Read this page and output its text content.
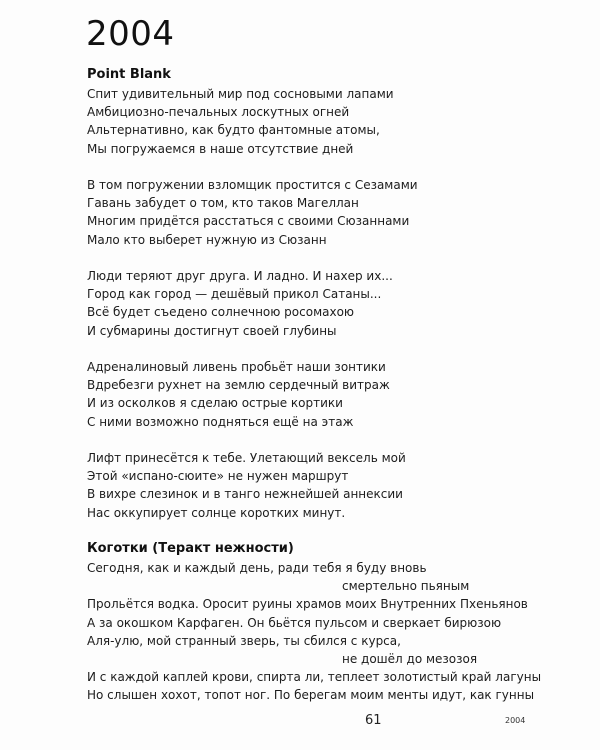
2004
Point Blank
Спит удивительный мир под сосновыми лапами
Амбициозно-печальных лоскутных огней
Альтернативно, как будто фантомные атомы,
Мы погружаемся в наше отсутствие дней
В том погружении взломщик простится с Сезамами
Гавань забудет о том, кто таков Магеллан
Многим придётся расстаться с своими Сюзаннами
Мало кто выберет нужную из Сюзанн
Люди теряют друг друга. И ладно. И нахер их...
Город как город — дешёвый прикол Сатаны...
Всё будет съедено солнечною росомахою
И субмарины достигнут своей глубины
Адреналиновый ливень пробьёт наши зонтики
Вдребезги рухнет на землю сердечный витраж
И из осколков я сделаю острые кортики
С ними возможно подняться ещё на этаж
Лифт принесётся к тебе. Улетающий вексель мой
Этой «испано-сюите» не нужен маршрут
В вихре слезинок и в танго нежнейшей аннексии
Нас оккупирует солнце коротких минут.
Коготки (Теракт нежности)
Сегодня, как и каждый день, ради тебя я буду вновь
смертельно пьяным
Прольётся водка. Оросит руины храмов моих Внутренних Пхеньянов
А за окошком Карфаген. Он бьётся пульсом и сверкает бирюзою
Аля-улю, мой странный зверь, ты сбился с курса,
не дошёл до мезозоя
И с каждой каплей крови, спирта ли, теплеет золотистый край лагуны
Но слышен хохот, топот ног. По берегам моим менты идут, как гунны
61	2004
